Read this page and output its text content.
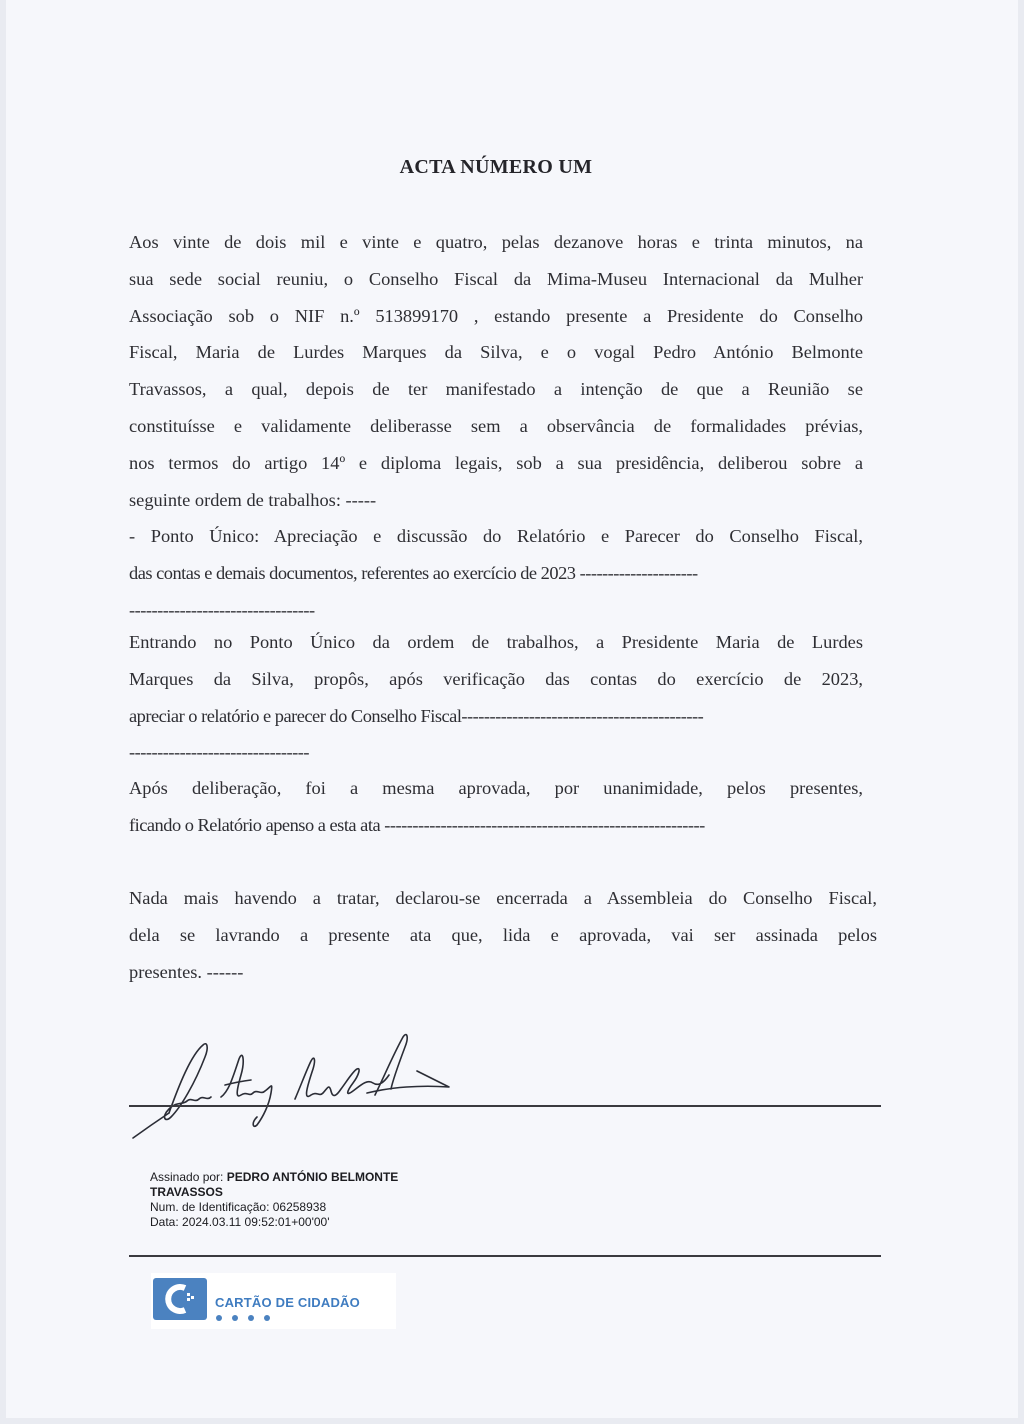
ACTA NÚMERO UM

Aos vinte de dois mil e vinte e quatro, pelas dezanove horas e trinta minutos, na
sua sede social reuniu, o Conselho Fiscal da Mima-Museu Internacional da Mulher
Associação sob o NIF n.º 513899170 , estando presente a Presidente do Conselho
Fiscal, Maria de Lurdes Marques da Silva, e o vogal Pedro António Belmonte
Travassos, a qual, depois de ter manifestado a intenção de que a Reunião se
constituísse e validamente deliberasse sem a observância de formalidades prévias,
nos termos do artigo 14º e diploma legais, sob a sua presidência, deliberou sobre a
seguinte ordem de trabalhos: -----
- Ponto Único: Apreciação e discussão do Relatório e Parecer do Conselho Fiscal,
das contas e demais documentos, referentes ao exercício de 2023 ---------------------
---------------------------------

Entrando no Ponto Único da ordem de trabalhos, a Presidente Maria de Lurdes
Marques da Silva, propôs, após verificação das contas do exercício de 2023,
apreciar o relatório e parecer do Conselho Fiscal-------------------------------------------
--------------------------------

Após deliberação, foi a mesma aprovada, por unanimidade, pelos presentes,
ficando o Relatório apenso a esta ata ---------------------------------------------------------

Nada mais havendo a tratar, declarou-se encerrada a Assembleia do Conselho Fiscal,
dela se lavrando a presente ata que, lida e aprovada, vai ser assinada pelos
presentes. ------

Assinado por: PEDRO ANTÓNIO BELMONTE
TRAVASSOS
Num. de Identificação: 06258938
Data: 2024.03.11 09:52:01+00'00'
CARTÃO DE CIDADÃO
